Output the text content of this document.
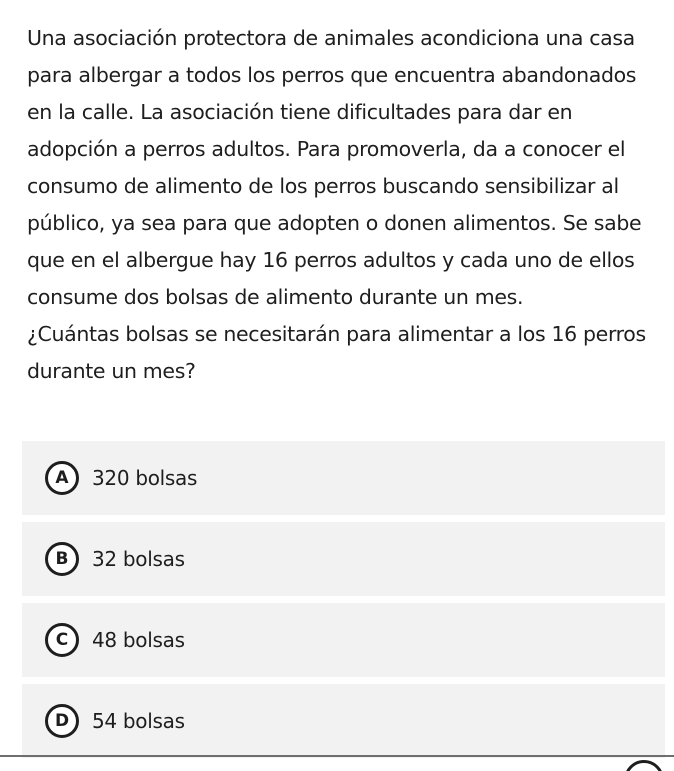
Una asociación protectora de animales acondiciona una casa para albergar a todos los perros que encuentra abandonados en la calle. La asociación tiene dificultades para dar en adopción a perros adultos. Para promoverla, da a conocer el consumo de alimento de los perros buscando sensibilizar al público, ya sea para que adopten o donen alimentos. Se sabe que en el albergue hay 16 perros adultos y cada uno de ellos consume dos bolsas de alimento durante un mes.

¿Cuántas bolsas se necesitarán para alimentar a los 16 perros durante un mes?

A	320 bolsas
B	32 bolsas
C	48 bolsas
D	54 bolsas
